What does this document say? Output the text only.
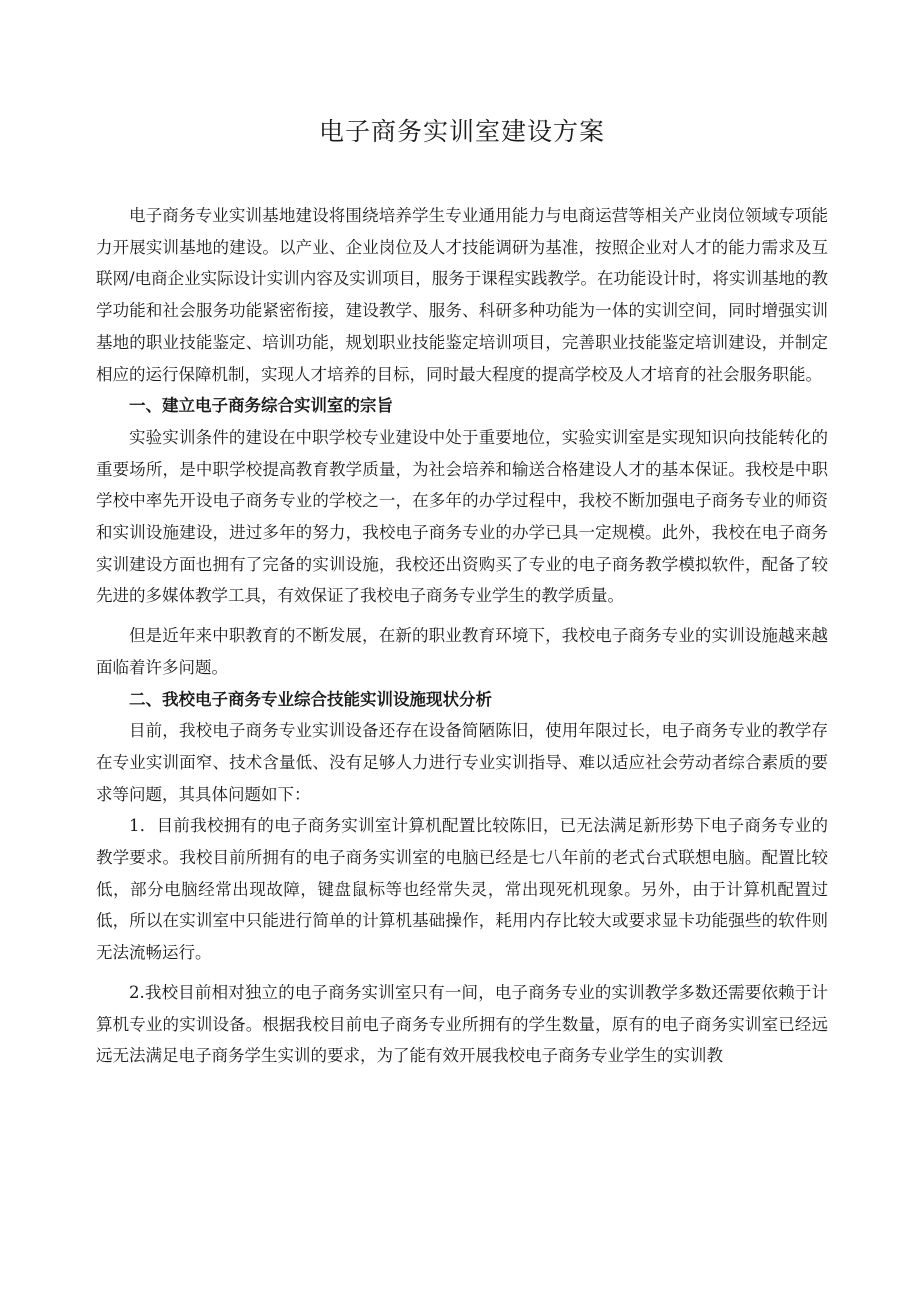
电子商务实训室建设方案

电子商务专业实训基地建设将围绕培养学生专业通用能力与电商运营等相关产业岗位领域专项能力开展实训基地的建设。以产业、企业岗位及人才技能调研为基准，按照企业对人才的能力需求及互联网/电商企业实际设计实训内容及实训项目，服务于课程实践教学。在功能设计时，将实训基地的教学功能和社会服务功能紧密衔接，建设教学、服务、科研多种功能为一体的实训空间，同时增强实训基地的职业技能鉴定、培训功能，规划职业技能鉴定培训项目，完善职业技能鉴定培训建设，并制定相应的运行保障机制，实现人才培养的目标，同时最大程度的提高学校及人才培育的社会服务职能。

一、建立电子商务综合实训室的宗旨

实验实训条件的建设在中职学校专业建设中处于重要地位，实验实训室是实现知识向技能转化的重要场所，是中职学校提高教育教学质量，为社会培养和输送合格建设人才的基本保证。我校是中职学校中率先开设电子商务专业的学校之一，在多年的办学过程中，我校不断加强电子商务专业的师资和实训设施建设，进过多年的努力，我校电子商务专业的办学已具一定规模。此外，我校在电子商务实训建设方面也拥有了完备的实训设施，我校还出资购买了专业的电子商务教学模拟软件，配备了较先进的多媒体教学工具，有效保证了我校电子商务专业学生的教学质量。

但是近年来中职教育的不断发展，在新的职业教育环境下，我校电子商务专业的实训设施越来越面临着许多问题。

二、我校电子商务专业综合技能实训设施现状分析

目前，我校电子商务专业实训设备还存在设备简陋陈旧，使用年限过长，电子商务专业的教学存在专业实训面窄、技术含量低、没有足够人力进行专业实训指导、难以适应社会劳动者综合素质的要求等问题，其具体问题如下：

1．目前我校拥有的电子商务实训室计算机配置比较陈旧，已无法满足新形势下电子商务专业的教学要求。我校目前所拥有的电子商务实训室的电脑已经是七八年前的老式台式联想电脑。配置比较低，部分电脑经常出现故障，键盘鼠标等也经常失灵，常出现死机现象。另外，由于计算机配置过低，所以在实训室中只能进行简单的计算机基础操作，耗用内存比较大或要求显卡功能强些的软件则无法流畅运行。

2.我校目前相对独立的电子商务实训室只有一间，电子商务专业的实训教学多数还需要依赖于计算机专业的实训设备。根据我校目前电子商务专业所拥有的学生数量，原有的电子商务实训室已经远远无法满足电子商务学生实训的要求，为了能有效开展我校电子商务专业学生的实训教
